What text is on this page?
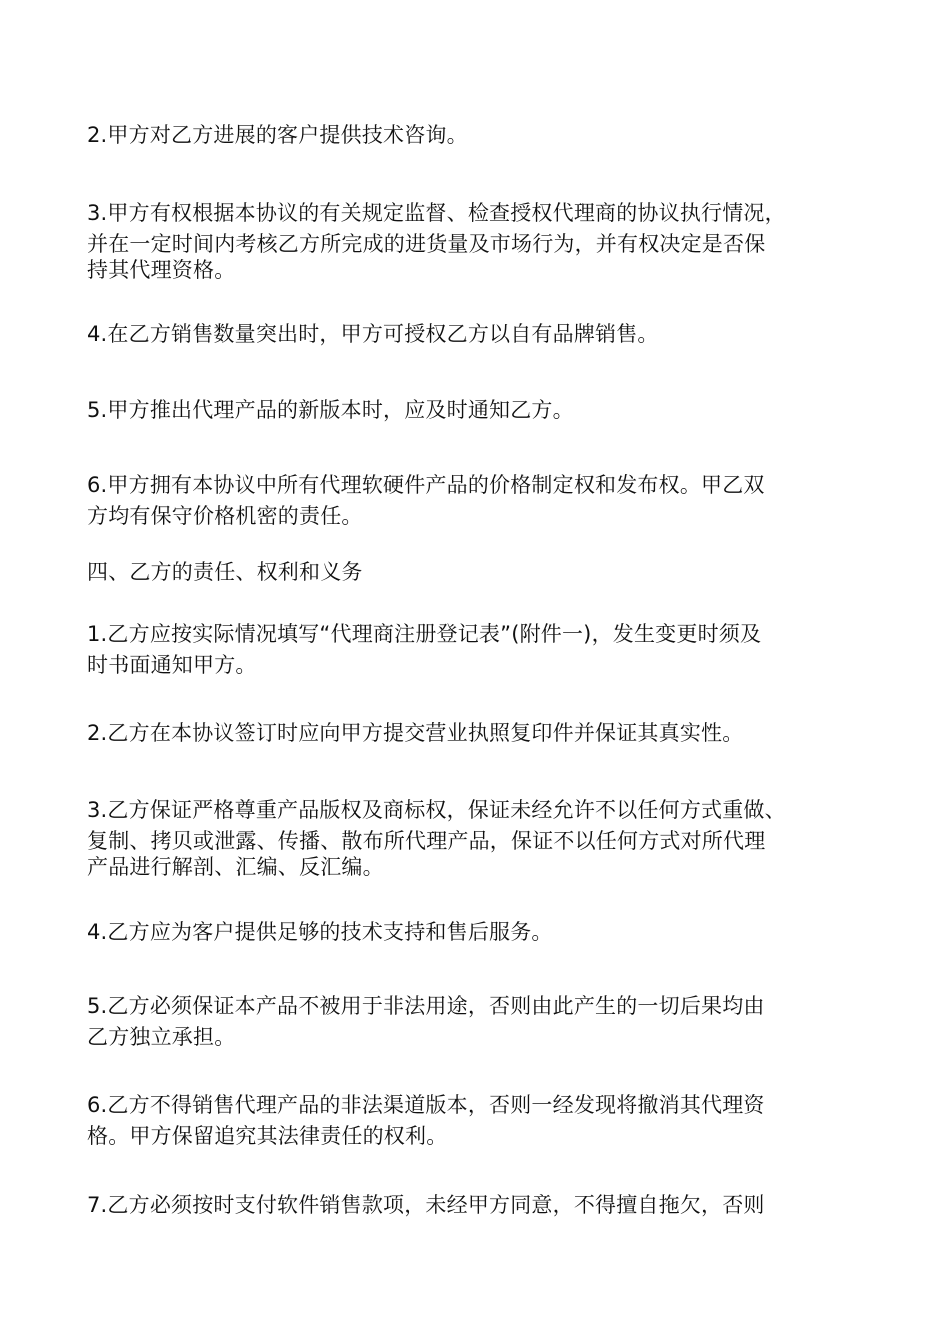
2.甲方对乙方进展的客户提供技术咨询。

3.甲方有权根据本协议的有关规定监督、检查授权代理商的协议执行情况，
并在一定时间内考核乙方所完成的进货量及市场行为，并有权决定是否保
持其代理资格。

4.在乙方销售数量突出时，甲方可授权乙方以自有品牌销售。

5.甲方推出代理产品的新版本时，应及时通知乙方。

6.甲方拥有本协议中所有代理软硬件产品的价格制定权和发布权。甲乙双
方均有保守价格机密的责任。

四、乙方的责任、权利和义务

1.乙方应按实际情况填写“代理商注册登记表”(附件一)，发生变更时须及
时书面通知甲方。

2.乙方在本协议签订时应向甲方提交营业执照复印件并保证其真实性。

3.乙方保证严格尊重产品版权及商标权，保证未经允许不以任何方式重做、
复制、拷贝或泄露、传播、散布所代理产品，保证不以任何方式对所代理
产品进行解剖、汇编、反汇编。

4.乙方应为客户提供足够的技术支持和售后服务。

5.乙方必须保证本产品不被用于非法用途，否则由此产生的一切后果均由
乙方独立承担。

6.乙方不得销售代理产品的非法渠道版本，否则一经发现将撤消其代理资
格。甲方保留追究其法律责任的权利。

7.乙方必须按时支付软件销售款项，未经甲方同意，不得擅自拖欠，否则
